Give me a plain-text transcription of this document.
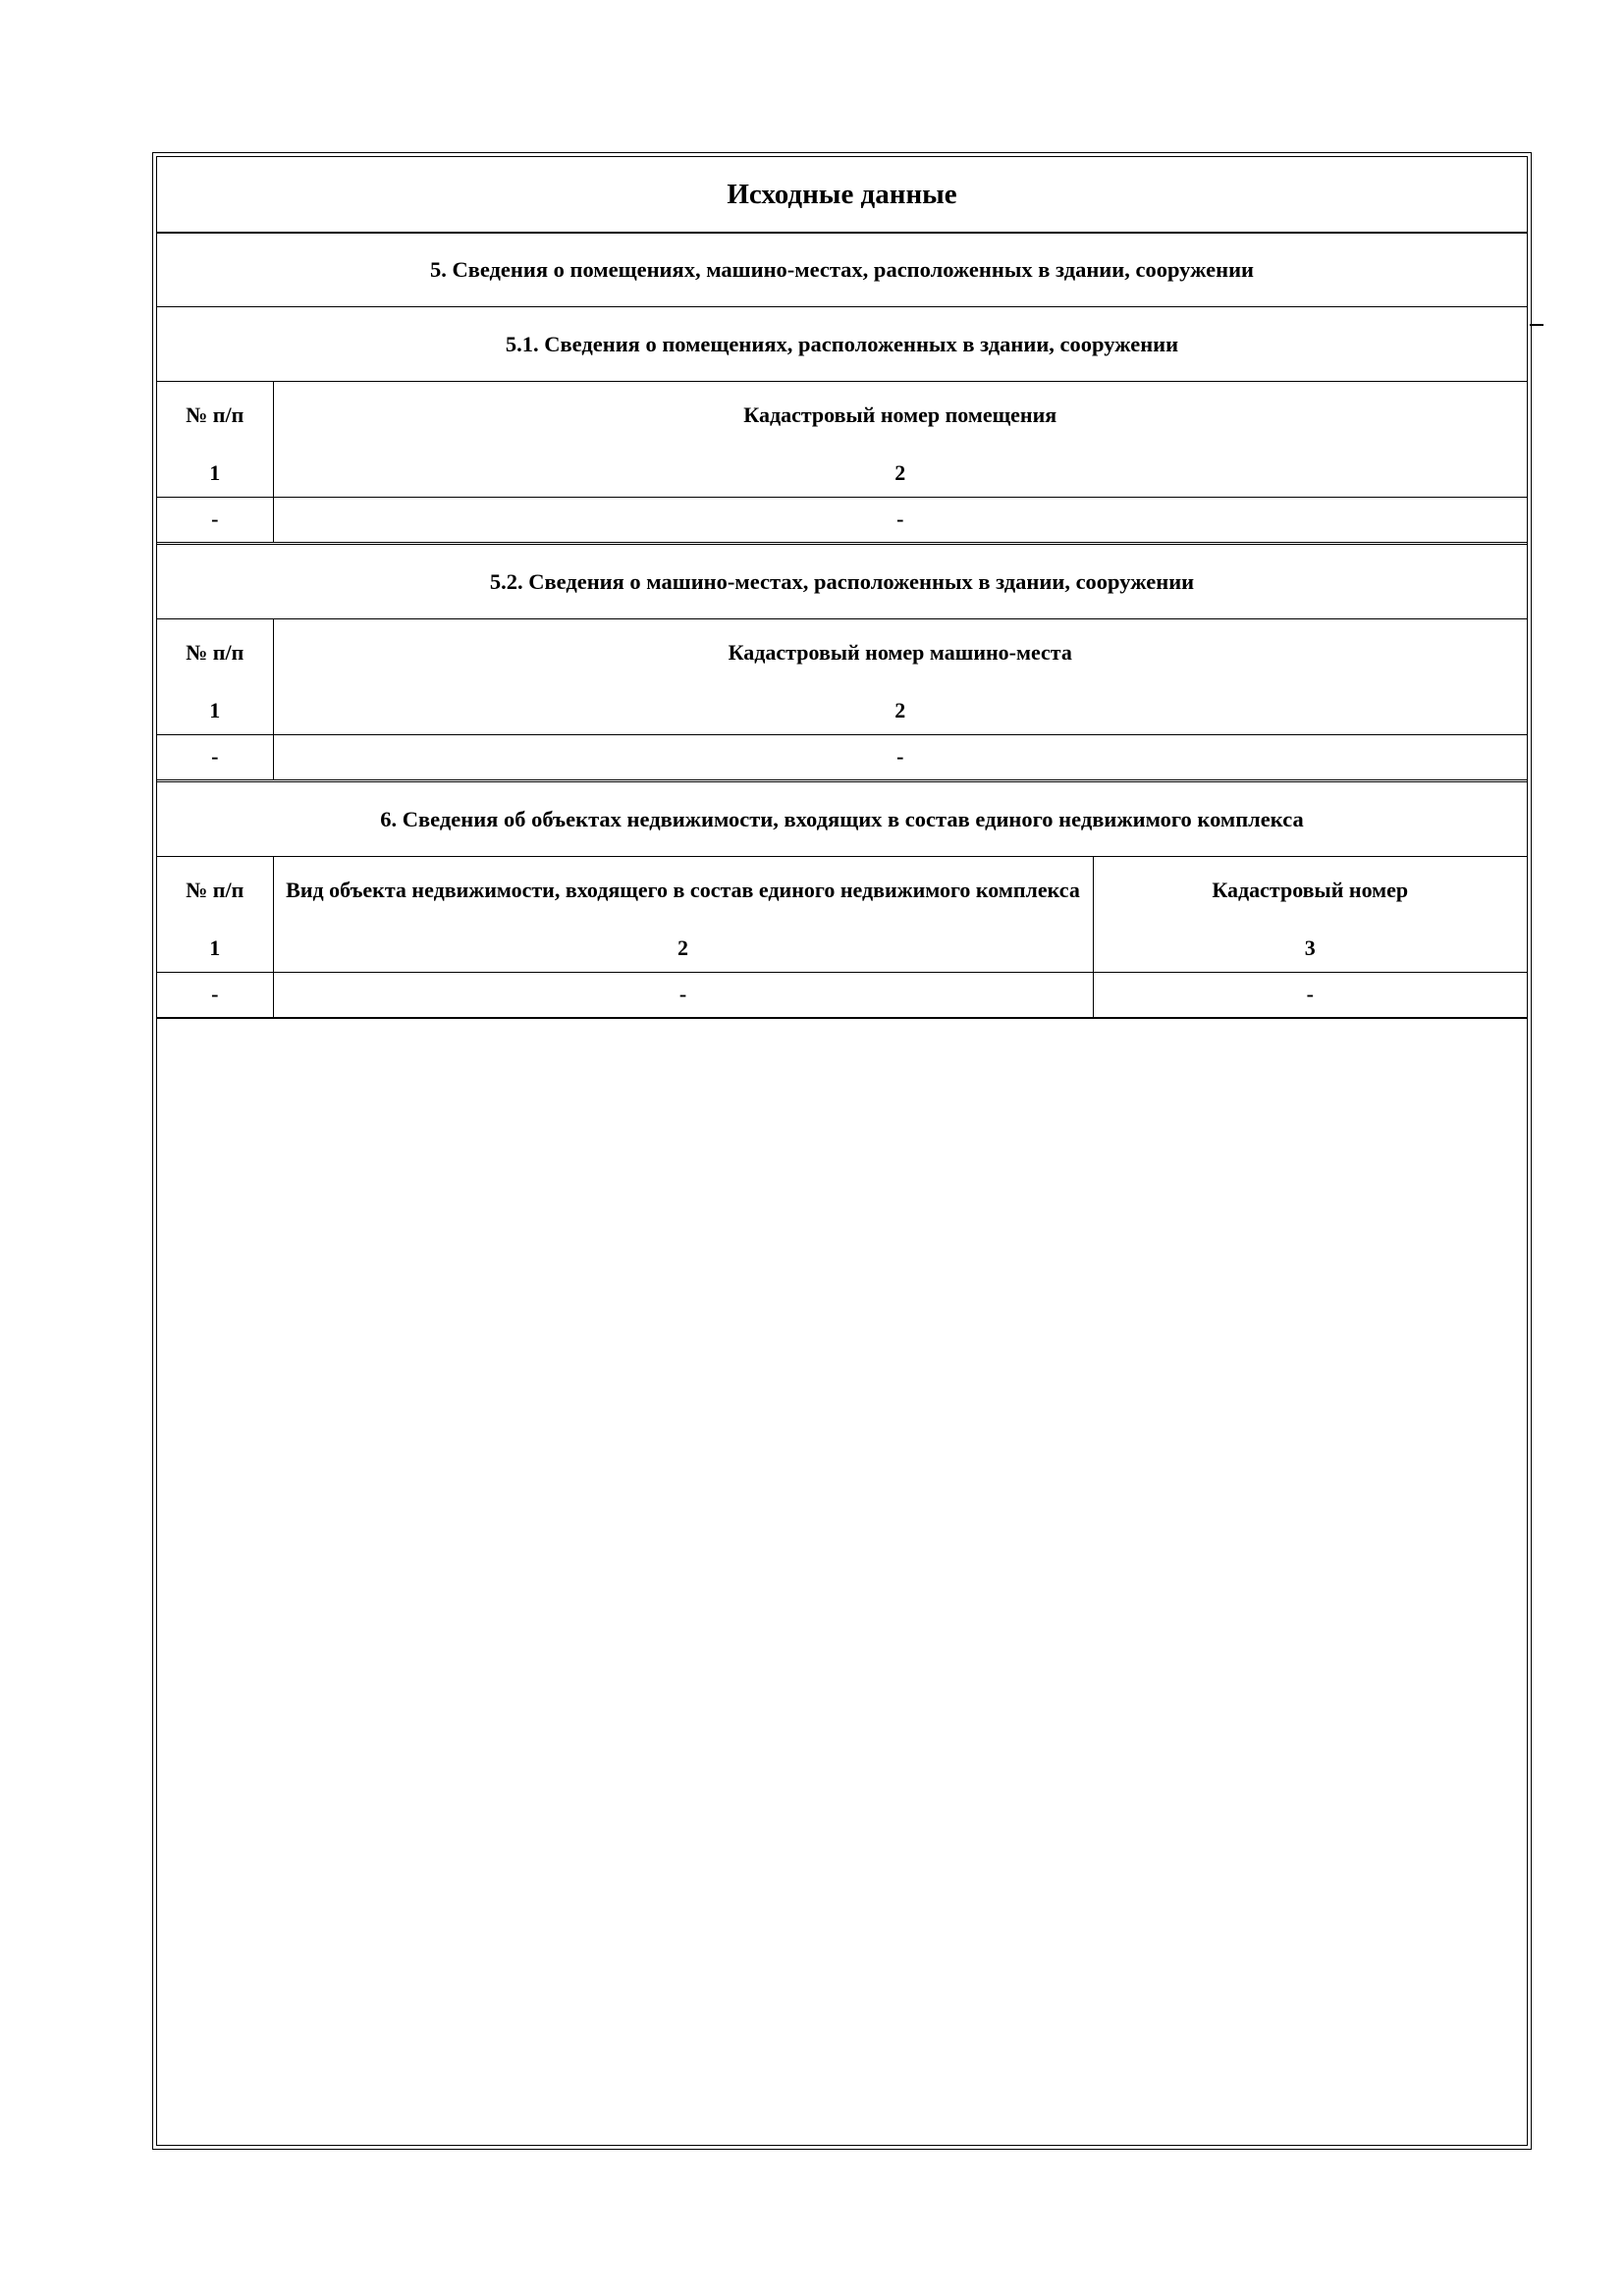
Исходные данные
5. Сведения о помещениях, машино-местах, расположенных в здании, сооружении
5.1. Сведения о помещениях, расположенных в здании, сооружении
№ п/п	Кадастровый номер помещения
1	2
-	-
5.2. Сведения о машино-местах, расположенных в здании, сооружении
№ п/п	Кадастровый номер машино-места
1	2
-	-
6. Сведения об объектах недвижимости, входящих в состав единого недвижимого комплекса
№ п/п	Вид объекта недвижимости, входящего в состав единого недвижимого комплекса	Кадастровый номер
1	2	3
-	-	-
